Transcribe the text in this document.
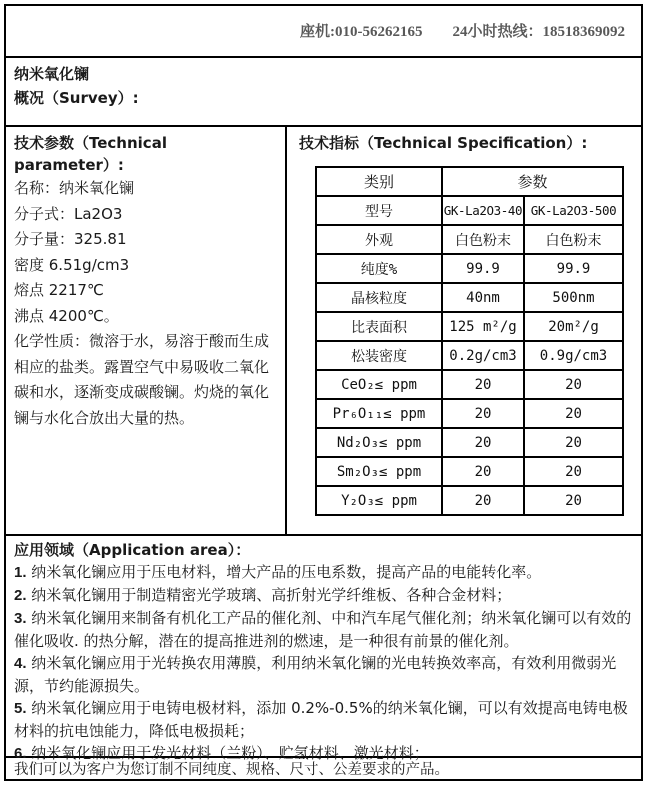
座机:010-56262165 24小时热线：18518369092
纳米氧化镧
概况（Survey）:
技术参数（Technical parameter）:

名称：纳米氧化镧

分子式：La2O3

分子量：325.81

密度 6.51g/cm3

熔点 2217℃

沸点 4200℃。

化学性质：微溶于水，易溶于酸而生成相应的盐类。露置空气中易吸收二氧化碳和水，逐渐变成碳酸镧。灼烧的氧化镧与水化合放出大量的热。

技术指标（Technical Specification）:
类别	参数	
型号	GK-La2O3-40	GK-La2O3-500
外观	白色粉末	白色粉末
纯度%	99.9	99.9
晶核粒度	40nm	500nm
比表面积	125 m²/g	20m²/g
松装密度	0.2g/cm3	0.9g/cm3
CeO₂≤ ppm	20	20
Pr₆O₁₁≤ ppm	20	20
Nd₂O₃≤ ppm	20	20
Sm₂O₃≤ ppm	20	20
Y₂O₃≤ ppm	20	20
应用领域（Application area）：

1. 纳米氧化镧应用于压电材料，增大产品的压电系数，提高产品的电能转化率。

2. 纳米氧化镧用于制造精密光学玻璃、高折射光学纤维板、各种合金材料；

3. 纳米氧化镧用来制备有机化工产品的催化剂、中和汽车尾气催化剂；纳米氧化镧可以有效的催化吸收. 的热分解，潜在的提高推进剂的燃速，是一种很有前景的催化剂。

4. 纳米氧化镧应用于光转换农用薄膜，利用纳米氧化镧的光电转换效率高，有效利用微弱光源，节约能源损失。

5. 纳米氧化镧应用于电铸电极材料，添加 0.2%-0.5%的纳米氧化镧，可以有效提高电铸电极材料的抗电蚀能力，降低电极损耗；

6. 纳米氧化镧应用于发光材料（兰粉）、贮氢材料、激光材料；

我们可以为客户为您订制不同纯度、规格、尺寸、公差要求的产品。
